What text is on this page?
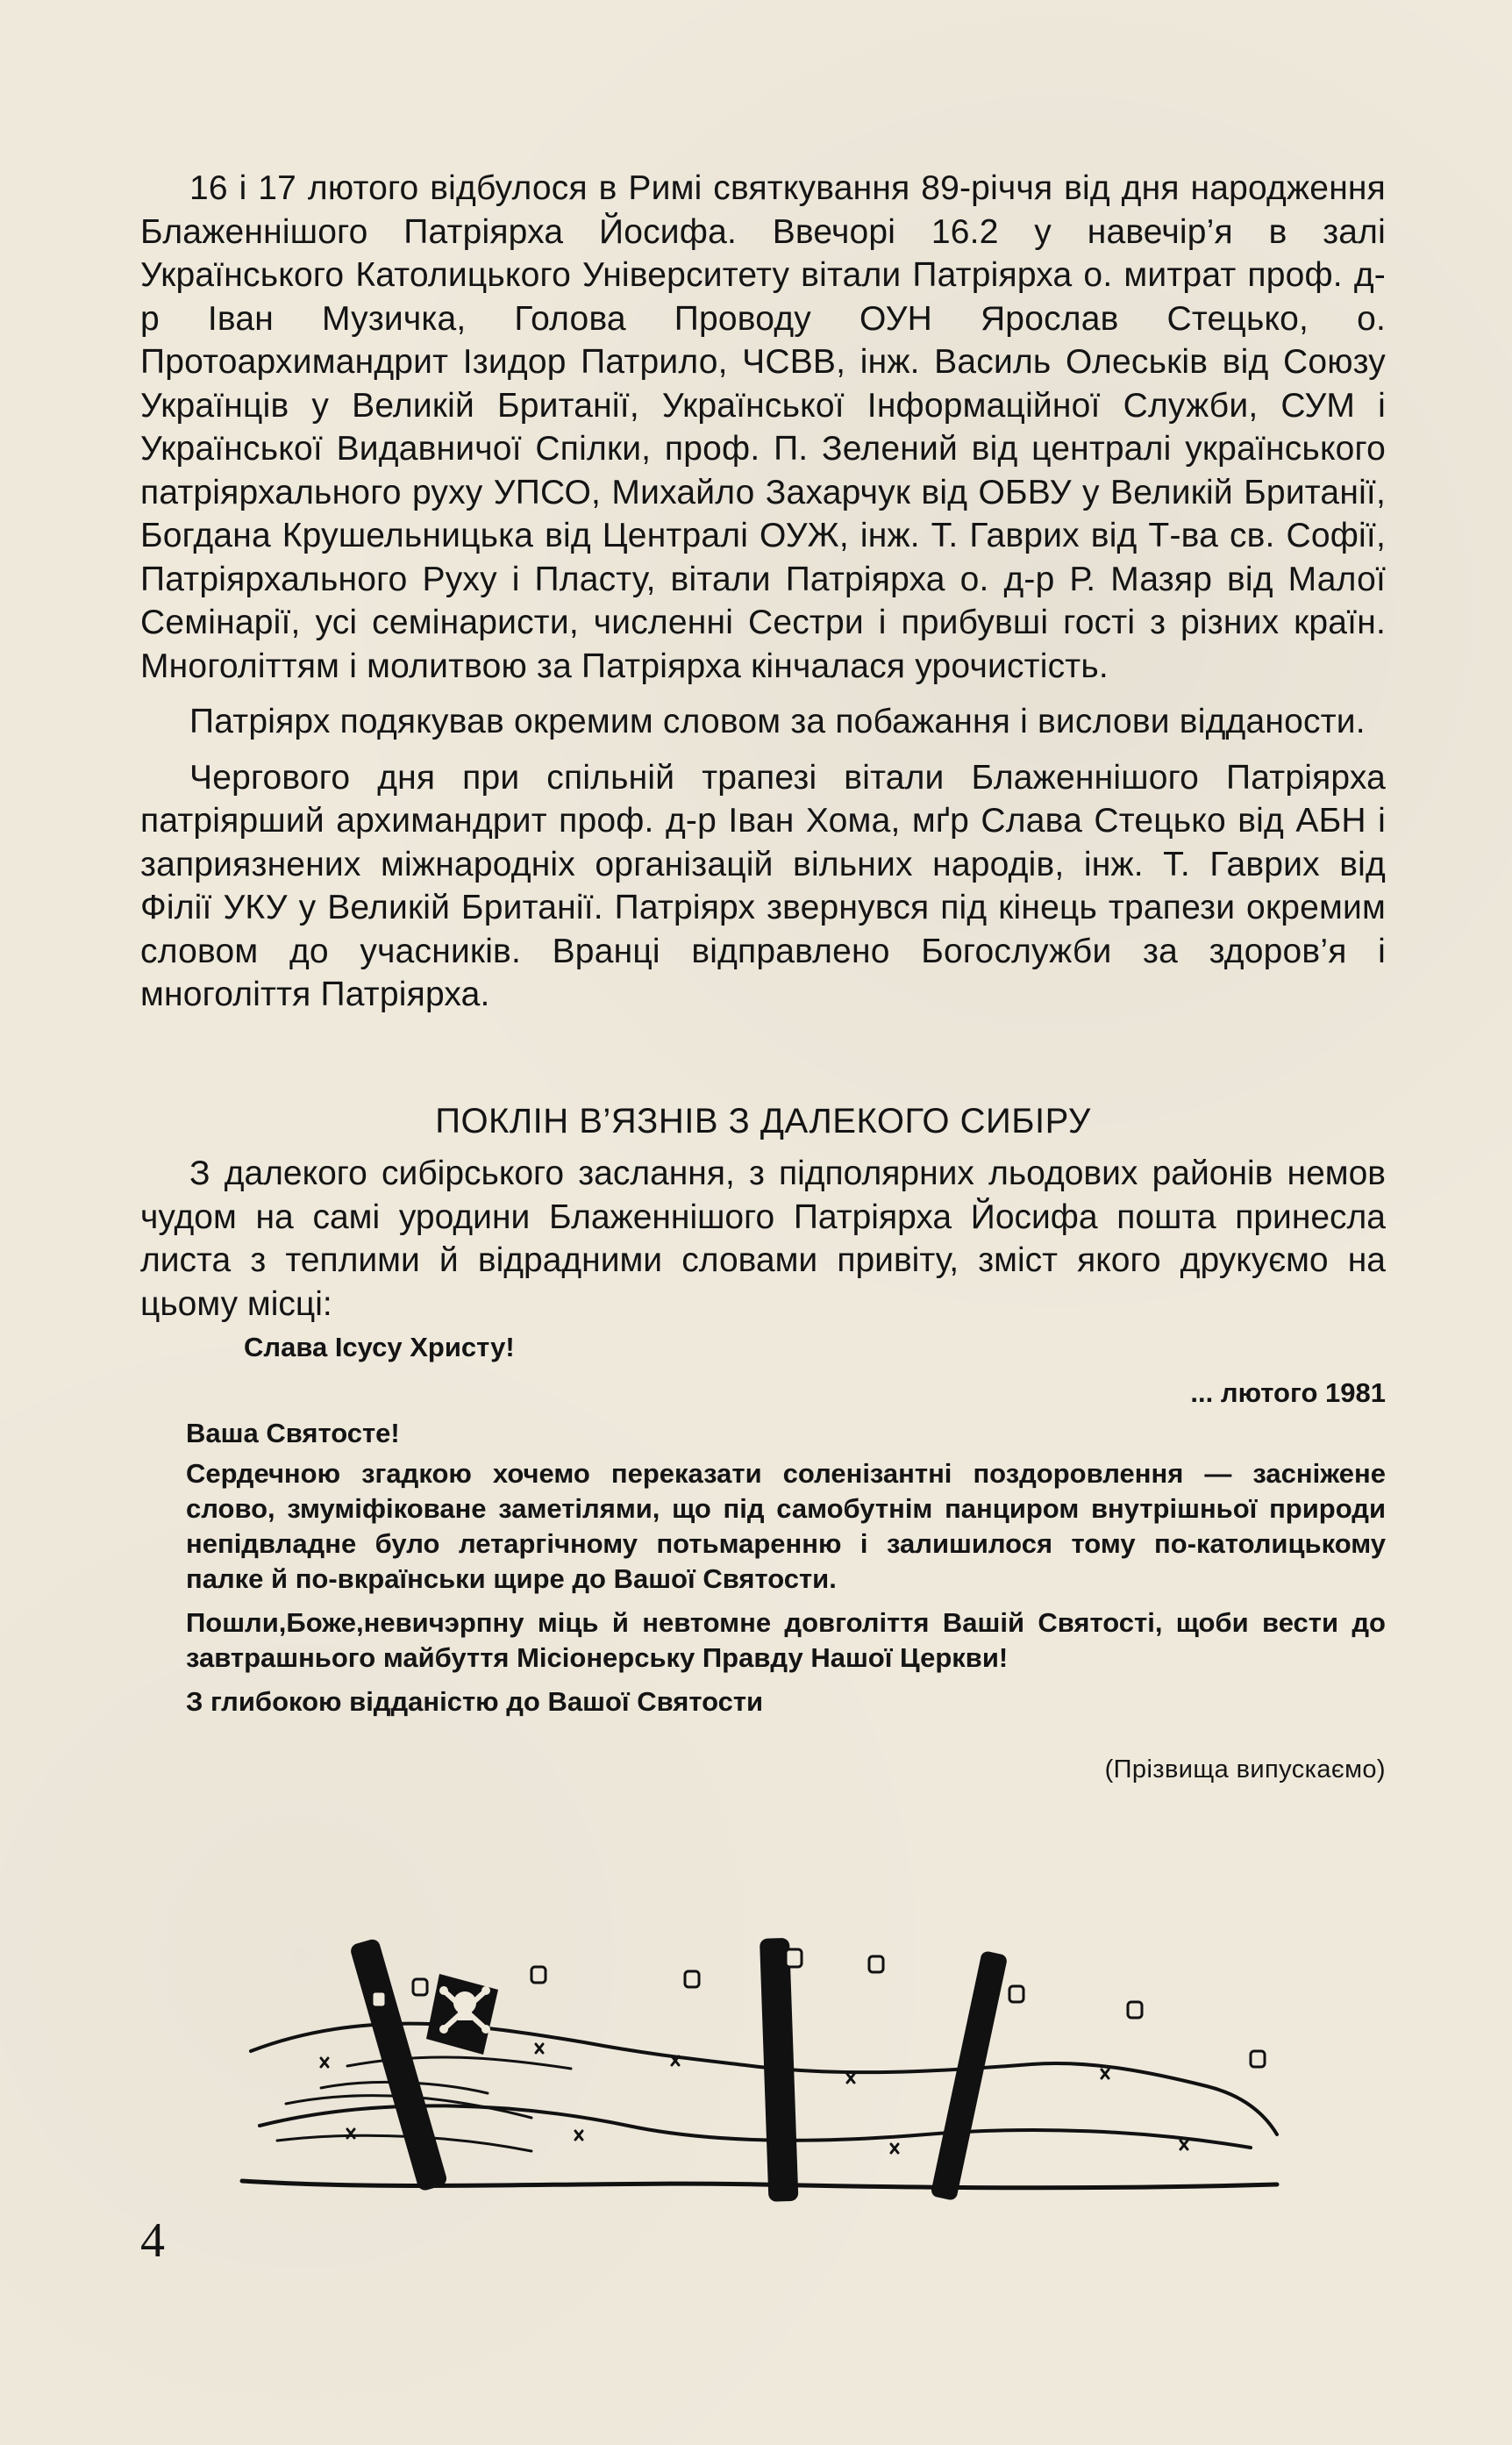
16 і 17 лютого відбулося в Римі святкування 89-річчя від дня народження Блаженнішого Патріярха Йосифа. Ввечорі 16.2 у навечір’я в залі Українського Католицького Університету вітали Патріярха о. митрат проф. д-р Іван Музичка, Голова Проводу ОУН Ярослав Стецько, о. Протоархимандрит Ізидор Патрило, ЧСВВ, інж. Василь Олеськів від Союзу Українців у Великій Британії, Української Інформаційної Служби, СУМ і Української Видавничої Спілки, проф. П. Зелений від централі українського патріярхального руху УПСО, Михайло Захарчук від ОБВУ у Великій Британії, Богдана Крушельницька від Централі ОУЖ, інж. Т. Гаврих від Т-ва св. Софії, Патріярхального Руху і Пласту, вітали Патріярха о. д-р Р. Мазяр від Малої Семінарії, усі семінаристи, численні Сестри і прибувші гості з різних країн. Многоліттям і молитвою за Патріярха кінчалася урочистість.

Патріярх подякував окремим словом за побажання і вислови відданости.

Чергового дня при спільній трапезі вітали Блаженнішого Патріярха патріярший архимандрит проф. д-р Іван Хома, мґр Слава Стецько від АБН і заприязнених міжнародніх організацій вільних народів, інж. Т. Гаврих від Філії УКУ у Великій Британії. Патріярх звернувся під кінець трапези окремим словом до учасників. Вранці відправлено Богослужби за здоров’я і многоліття Патріярха.

ПОКЛІН В’ЯЗНІВ З ДАЛЕКОГО СИБІРУ
З далекого сибірського заслання, з підполярних льодових районів немов чудом на самі уродини Блаженнішого Патріярха Йосифа пошта принесла листа з теплими й відрадними словами привіту, зміст якого друкуємо на цьому місці:
Слава Ісусу Христу!
... лютого 1981
Ваша Святосте!

Сердечною згадкою хочемо переказати соленізантні поздоровлення — засніжене слово, змуміфіковане заметілями, що під самобутнім панциром внутрішньої природи непідвладне було летаргічному потьмаренню і залишилося тому по-католицькому палке й по-вкраїнськи щире до Вашої Святости.

Пошли,Боже,невичэрпну міць й невтомне довголіття Вашій Святості, щоби вести до завтрашнього майбуття Місіонерську Правду Нашої Церкви!

З глибокою відданістю до Вашої Святости
(Прізвища випускаємо)
4
